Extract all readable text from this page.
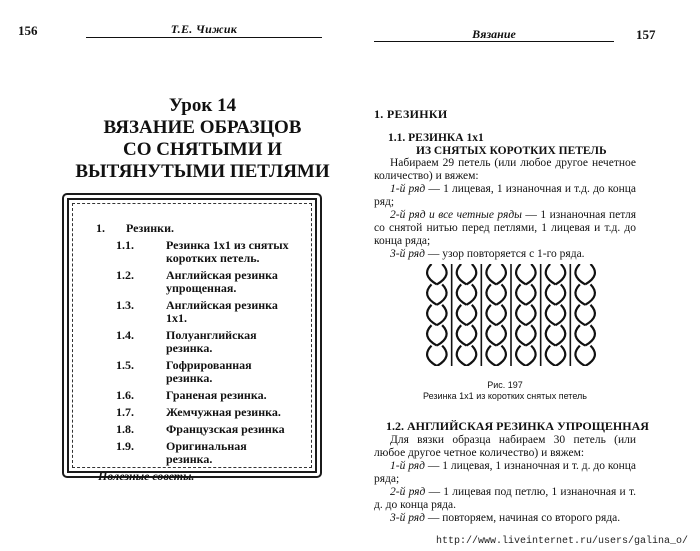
156	Т.Е. Чижик
Урок 14
ВЯЗАНИЕ ОБРАЗЦОВ
СО СНЯТЫМИ И
ВЫТЯНУТЫМИ ПЕТЛЯМИ
1.	Резинки.
1.1.	Резинка 1х1 из снятых коротких петель.
1.2.	Английская резинка упрощенная.
1.3.	Английская резинка 1х1.
1.4.	Полуанглийская резинка.
1.5.	Гофрированная резинка.
1.6.	Граненая резинка.
1.7.	Жемчужная резинка.
1.8.	Французская резинка
1.9.	Оригинальная резинка.
Полезные советы.
Вязание	157
1. РЕЗИНКИ
1.1. РЕЗИНКА 1х1
ИЗ СНЯТЫХ КОРОТКИХ ПЕТЕЛЬ
Набираем 29 петель (или любое другое нечетное количество) и вяжем:
1-й ряд — 1 лицевая, 1 изнаночная и т.д. до конца ряд;
2-й ряд и все четные ряды — 1 изнаночная петля со снятой нитью перед петлями, 1 лицевая и т.д. до конца ряда;
3-й ряд — узор повторяется с 1-го ряда.
Рис. 197
Резинка 1х1 из коротких снятых петель
1.2. АНГЛИЙСКАЯ РЕЗИНКА УПРОЩЕННАЯ
Для вязки образца набираем 30 петель (или любое другое четное количество) и вяжем:
1-й ряд — 1 лицевая, 1 изнаночная и т. д. до конца ряда;
2-й ряд — 1 лицевая под петлю, 1 изнаночная и т. д. до конца ряда.
3-й ряд — повторяем, начиная со второго ряда.
http://www.liveinternet.ru/users/galina_o/
